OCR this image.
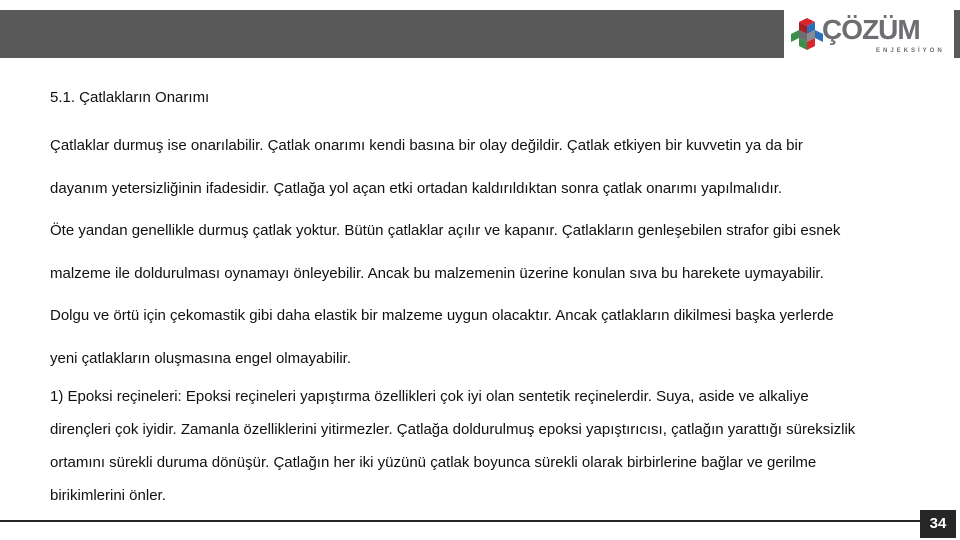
ÇÖZÜM
ENJEKSİYON

5.1. Çatlakların Onarımı

Çatlaklar durmuş ise onarılabilir. Çatlak onarımı kendi basına bir olay değildir. Çatlak etkiyen bir kuvvetin ya da bir

dayanım yetersizliğinin ifadesidir. Çatlağa yol açan etki ortadan kaldırıldıktan sonra çatlak onarımı yapılmalıdır.

Öte yandan genellikle durmuş çatlak yoktur. Bütün çatlaklar açılır ve kapanır. Çatlakların genleşebilen strafor gibi esnek

malzeme ile doldurulması oynamayı önleyebilir. Ancak bu malzemenin üzerine konulan sıva bu harekete uymayabilir.

Dolgu ve örtü için çekomastik gibi daha elastik bir malzeme uygun olacaktır. Ancak çatlakların dikilmesi başka yerlerde

yeni çatlakların oluşmasına engel olmayabilir.

1) Epoksi reçineleri: Epoksi reçineleri yapıştırma özellikleri çok iyi olan sentetik reçinelerdir. Suya, aside ve alkaliye

dirençleri çok iyidir. Zamanla özelliklerini yitirmezler. Çatlağa doldurulmuş epoksi yapıştırıcısı, çatlağın yarattığı süreksizlik

ortamını sürekli duruma dönüşür. Çatlağın her iki yüzünü çatlak boyunca sürekli olarak birbirlerine bağlar ve gerilme

birikimlerini önler.

34
